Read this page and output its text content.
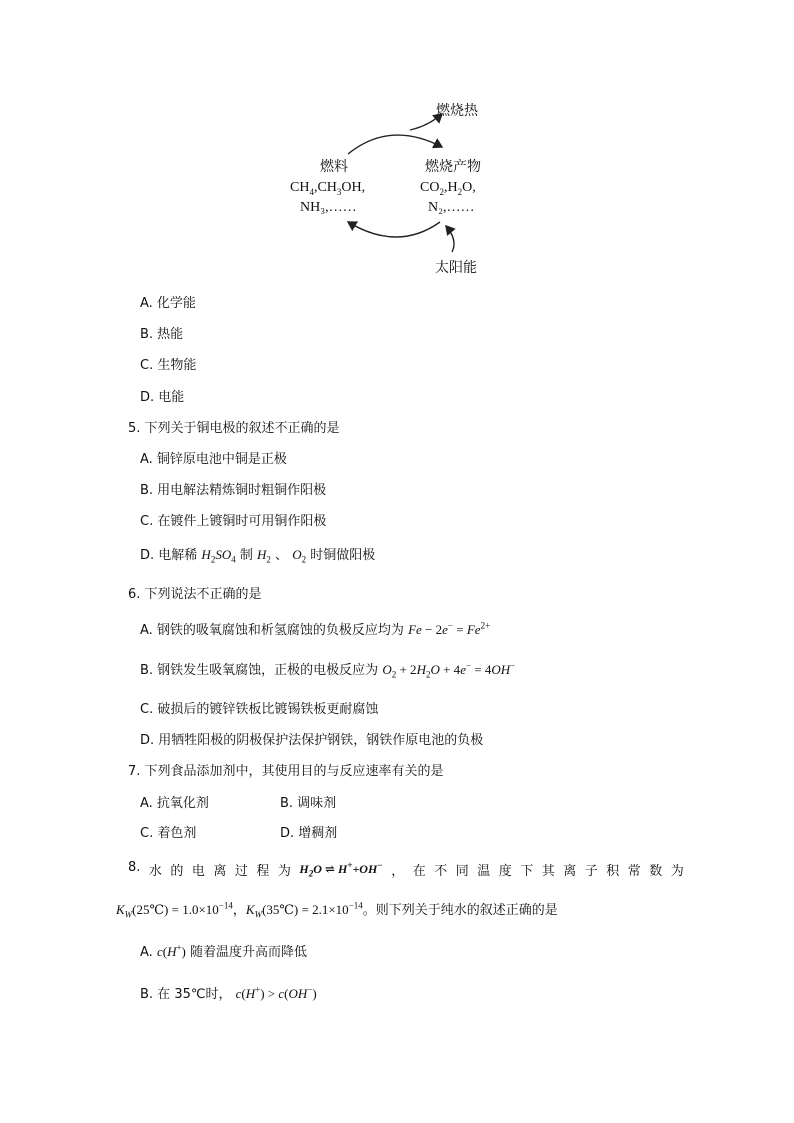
燃烧热
燃料	燃烧产物
$CH_4,CH_3OH$,	$CO_2,H_2O$,
NH₃,……	N₂,……
太阳能
A. 化学能
B. 热能
C. 生物能
D. 电能
5. 下列关于铜电极的叙述不正确的是
A. 铜锌原电池中铜是正极
B. 用电解法精炼铜时粗铜作阳极
C. 在镀件上镀铜时可用铜作阳极
D. 电解稀 $H_2SO_4$ 制 $H_2$ 、 $O_2$ 时铜做阳极
6. 下列说法不正确的是
A. 钢铁的吸氧腐蚀和析氢腐蚀的负极反应均为 $Fe - 2e^- = Fe^{2+}$
B. 钢铁发生吸氧腐蚀，正极的电极反应为 $O_2 + 2H_2O + 4e^- = 4OH^-$
C. 破损后的镀锌铁板比镀锡铁板更耐腐蚀
D. 用牺牲阳极的阴极保护法保护钢铁，钢铁作原电池的负极
7. 下列食品添加剂中，其使用目的与反应速率有关的是
A. 抗氧化剂	B. 调味剂
C. 着色剂	D. 增稠剂
8. 水 的 电 离 过 程 为 $H_2O$ ⇌ H++OH− ， 在 不 同 温 度 下 其 离 子 积 常 数 为
$K_W(25℃) = 1.0\times 10^{-14}$，$K_W(35℃) = 2.1\times 10^{-14}$。则下列关于纯水的叙述正确的是
A. c(H+) 随着温度升高而降低
B. 在 35℃时， c(H+) > c(OH−)
